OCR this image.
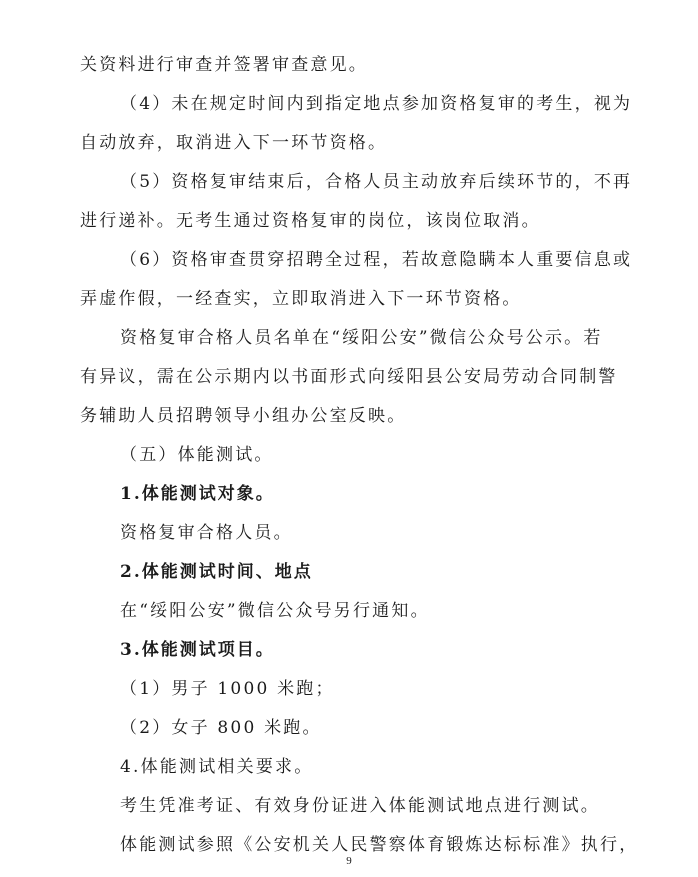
关资料进行审查并签署审查意见。
（4）未在规定时间内到指定地点参加资格复审的考生，视为
自动放弃，取消进入下一环节资格。
（5）资格复审结束后，合格人员主动放弃后续环节的，不再
进行递补。无考生通过资格复审的岗位，该岗位取消。
（6）资格审查贯穿招聘全过程，若故意隐瞒本人重要信息或
弄虚作假，一经查实，立即取消进入下一环节资格。
资格复审合格人员名单在“绥阳公安”微信公众号公示。若
有异议，需在公示期内以书面形式向绥阳县公安局劳动合同制警
务辅助人员招聘领导小组办公室反映。
（五）体能测试。
1.体能测试对象。
资格复审合格人员。
2.体能测试时间、地点
在“绥阳公安”微信公众号另行通知。
3.体能测试项目。
（1）男子 1000 米跑；
（2）女子 800 米跑。
4.体能测试相关要求。
考生凭准考证、有效身份证进入体能测试地点进行测试。
体能测试参照《公安机关人民警察体育锻炼达标标准》执行，
9
